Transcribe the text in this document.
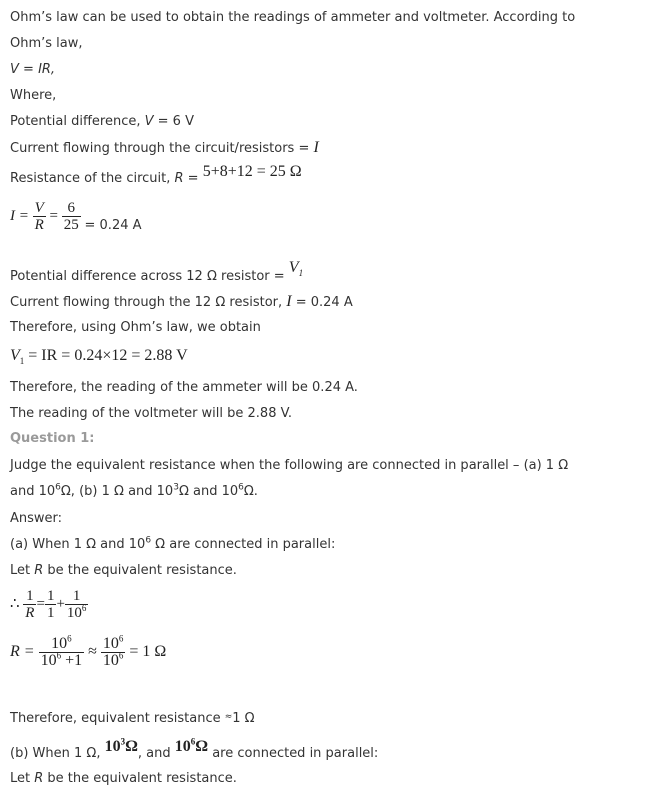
Ohm’s law can be used to obtain the readings of ammeter and voltmeter. According to
Ohm’s law,
V = IR,
Where,
Potential difference, V = 6 V
Current flowing through the circuit/resistors = I
Resistance of the circuit, R = 5+8+12 = 25 Ω
$I = \frac{V}{R} = \frac{6}{25} = 0.24$ A
Potential difference across 12 Ω resistor = $V_1$
Current flowing through the 12 Ω resistor, I = 0.24 A
Therefore, using Ohm’s law, we obtain
$V_1$ = IR = 0.24×12 = 2.88 V
Therefore, the reading of the ammeter will be 0.24 A.
The reading of the voltmeter will be 2.88 V.
Question 1:
Judge the equivalent resistance when the following are connected in parallel – (a) 1 Ω
and $10^6\Omega$, (b) 1 Ω and $10^3\Omega$ and $10^6\Omega$.
Answer:
(a) When 1 Ω and $10^6$ Ω are connected in parallel:
Let R be the equivalent resistance.
∴ $\frac{1}{R} = \frac{1}{1} + \frac{1}{10^6}$
$R = \frac{10^6}{10^6 +1} \approx \frac{10^6}{10^6} = 1$ Ω
Therefore, equivalent resistance ≈1 Ω
(b) When 1 Ω, $10^3\Omega$, and $10^6\Omega$ are connected in parallel:
Let R be the equivalent resistance.
